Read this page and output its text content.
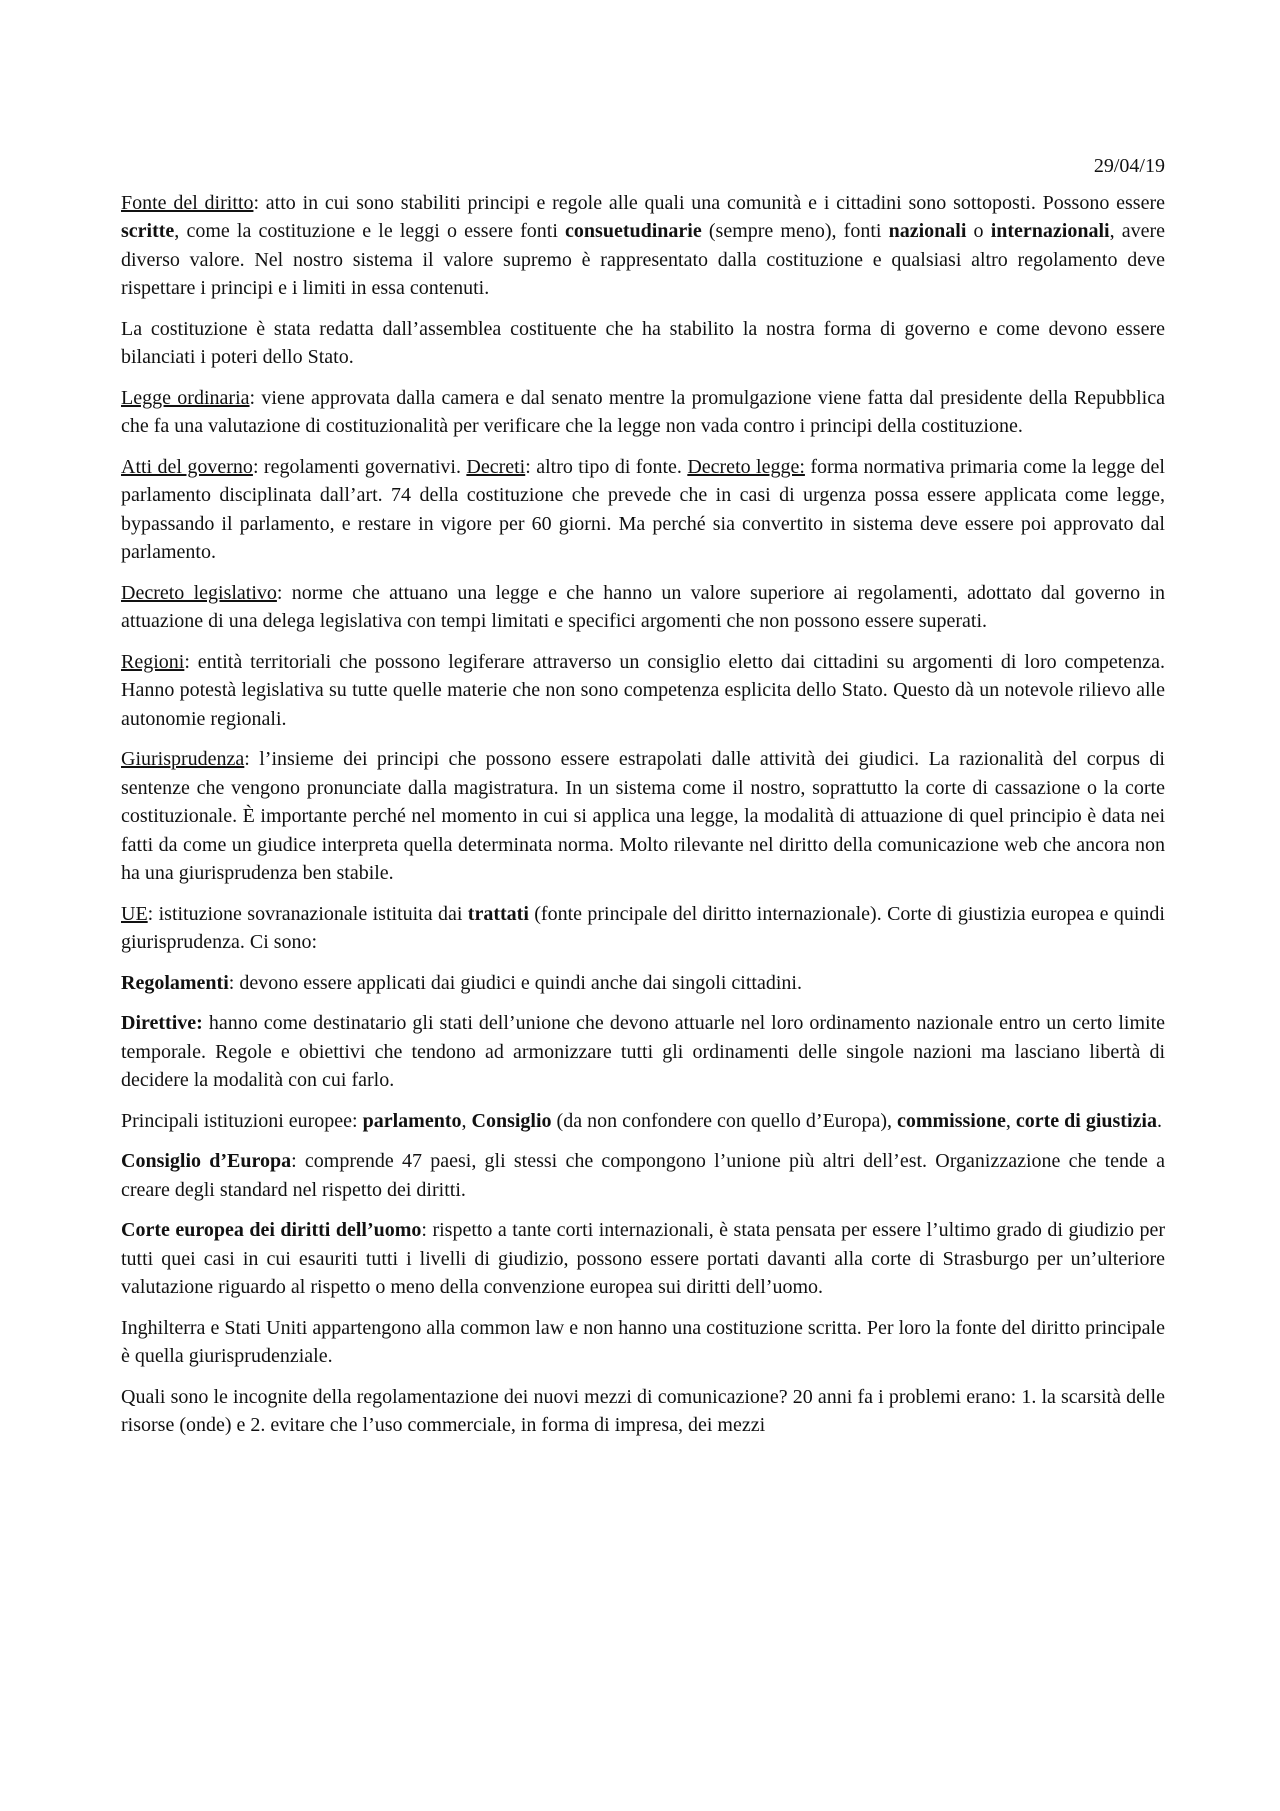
29/04/19

Fonte del diritto: atto in cui sono stabiliti principi e regole alle quali una comunità e i cittadini sono sottoposti. Possono essere scritte, come la costituzione e le leggi o essere fonti consuetudinarie (sempre meno), fonti nazionali o internazionali, avere diverso valore. Nel nostro sistema il valore supremo è rappresentato dalla costituzione e qualsiasi altro regolamento deve rispettare i principi e i limiti in essa contenuti.

La costituzione è stata redatta dall’assemblea costituente che ha stabilito la nostra forma di governo e come devono essere bilanciati i poteri dello Stato.

Legge ordinaria: viene approvata dalla camera e dal senato mentre la promulgazione viene fatta dal presidente della Repubblica che fa una valutazione di costituzionalità per verificare che la legge non vada contro i principi della costituzione.

Atti del governo: regolamenti governativi. Decreti: altro tipo di fonte. Decreto legge: forma normativa primaria come la legge del parlamento disciplinata dall’art. 74 della costituzione che prevede che in casi di urgenza possa essere applicata come legge, bypassando il parlamento, e restare in vigore per 60 giorni. Ma perché sia convertito in sistema deve essere poi approvato dal parlamento.

Decreto legislativo: norme che attuano una legge e che hanno un valore superiore ai regolamenti, adottato dal governo in attuazione di una delega legislativa con tempi limitati e specifici argomenti che non possono essere superati.

Regioni: entità territoriali che possono legiferare attraverso un consiglio eletto dai cittadini su argomenti di loro competenza. Hanno potestà legislativa su tutte quelle materie che non sono competenza esplicita dello Stato. Questo dà un notevole rilievo alle autonomie regionali.

Giurisprudenza: l’insieme dei principi che possono essere estrapolati dalle attività dei giudici. La razionalità del corpus di sentenze che vengono pronunciate dalla magistratura. In un sistema come il nostro, soprattutto la corte di cassazione o la corte costituzionale. È importante perché nel momento in cui si applica una legge, la modalità di attuazione di quel principio è data nei fatti da come un giudice interpreta quella determinata norma. Molto rilevante nel diritto della comunicazione web che ancora non ha una giurisprudenza ben stabile.

UE: istituzione sovranazionale istituita dai trattati (fonte principale del diritto internazionale). Corte di giustizia europea e quindi giurisprudenza. Ci sono:

Regolamenti: devono essere applicati dai giudici e quindi anche dai singoli cittadini.

Direttive: hanno come destinatario gli stati dell’unione che devono attuarle nel loro ordinamento nazionale entro un certo limite temporale. Regole e obiettivi che tendono ad armonizzare tutti gli ordinamenti delle singole nazioni ma lasciano libertà di decidere la modalità con cui farlo.

Principali istituzioni europee: parlamento, Consiglio (da non confondere con quello d’Europa), commissione, corte di giustizia.

Consiglio d’Europa: comprende 47 paesi, gli stessi che compongono l’unione più altri dell’est. Organizzazione che tende a creare degli standard nel rispetto dei diritti.

Corte europea dei diritti dell’uomo: rispetto a tante corti internazionali, è stata pensata per essere l’ultimo grado di giudizio per tutti quei casi in cui esauriti tutti i livelli di giudizio, possono essere portati davanti alla corte di Strasburgo per un’ulteriore valutazione riguardo al rispetto o meno della convenzione europea sui diritti dell’uomo.

Inghilterra e Stati Uniti appartengono alla common law e non hanno una costituzione scritta. Per loro la fonte del diritto principale è quella giurisprudenziale.

Quali sono le incognite della regolamentazione dei nuovi mezzi di comunicazione? 20 anni fa i problemi erano: 1. la scarsità delle risorse (onde) e 2. evitare che l’uso commerciale, in forma di impresa, dei mezzi
